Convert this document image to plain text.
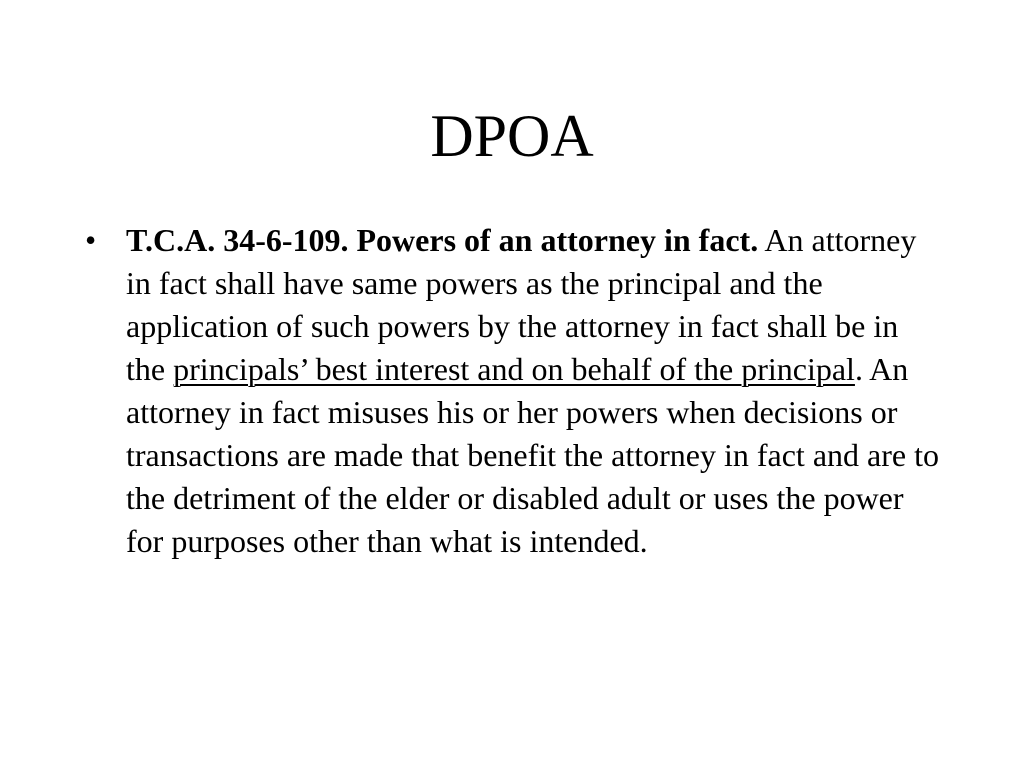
DPOA
• T.C.A. 34-6-109. Powers of an attorney in fact. An attorney in fact shall have same powers as the principal and the application of such powers by the attorney in fact shall be in the principals’ best interest and on behalf of the principal. An attorney in fact misuses his or her powers when decisions or transactions are made that benefit the attorney in fact and are to the detriment of the elder or disabled adult or uses the power for purposes other than what is intended.
